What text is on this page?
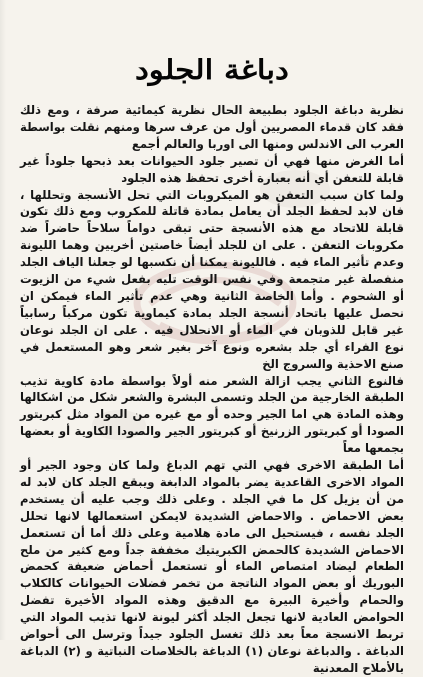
دباغة الجلود

نظرية دباغة الجلود بطبيعة الحال نظرية كيمائية صرفة ، ومع ذلك فقد كان قدماء المصريين أول من عرف سرها ومنهم نقلت بواسطة العرب الى الاندلس ومنها الى اوربا والعالم أجمع

أما الغرض منها فهي أن تصير جلود الحيوانات بعد ذبحها جلوداً غير قابلة للتعفن أي أنه بعبارة أخرى تحفظ هذه الجلود

ولما كان سبب التعفن هو الميكروبات التي تحل الأنسجة وتحللها ، فان لابد لحفظ الجلد أن يعامل بمادة قاتلة للمكروب ومع ذلك تكون قابلة للاتحاد مع هذه الأنسجة حتى تبقى دواماً سلاحاً حاضراً ضد مكروبات التعفن . على ان للجلد أيضاً خاصتين أخريين وهما الليونة وعدم تأثير الماء فيه . فالليونة يمكنا أن نكسبها لو جعلنا الياف الجلد منفصلة غير متجمعة وفي نفس الوقت تليه بفعل شيء من الزيوت أو الشحوم . وأما الخاصة الثانية وهي عدم تأثير الماء فيمكن ان نحصل عليها باتحاد أنسجة الجلد بمادة كيماوية تكون مركباً رسابياً غير قابل للذوبان في الماء أو الانحلال فيه . على ان الجلد نوعان نوع الفراء أي جلد بشعره ونوع آخر بغير شعر وهو المستعمل في صنع الاحذية والسروج الخ

فالنوع الثاني يجب ازالة الشعر منه أولاً بواسطة مادة كاوية تذيب الطبقة الخارجية من الجلد وتسمى البشرة والشعر شكل من اشكالها وهذه المادة هي اما الجير وحده أو مع غيره من المواد مثل كبريتور الصودا أو كبريتور الزرنيخ أو كبريتور الجير والصودا الكاوية أو بعضها بجمعها معاً

أما الطبقة الاخرى فهي التي تهم الدباغ ولما كان وجود الجير أو المواد الاخرى القاعدية يضر بالمواد الدابغة ويبقع الجلد كان لابد له من أن يزيل كل ما في الجلد . وعلى ذلك وجب عليه أن يستخدم بعض الاحماض . والاحماض الشديدة لايمكن استعمالها لانها تحلل الجلد نفسه ، فيستحيل الى مادة هلامية وعلى ذلك أما أن تستعمل الاحماض الشديدة كالحمض الكبريتيك مخففة جداً ومع كثير من ملح الطعام ليضاد امتصاص الماء أو تستعمل أحماض ضعيفة كحمض البوريك أو بعض المواد الناتجة من تخمر فضلات الحيوانات كالكلاب والحمام وأخيرة البيرة مع الدقيق وهذه المواد الأخيرة تفضل الحوامض العادية لانها تجعل الجلد أكثر ليونة لانها تذيب المواد التي تربط الانسجة معاً بعد ذلك تغسل الجلود جيداً وترسل الى أحواض الدباغة . والدباغة نوعان (١) الدباغة بالخلاصات النباتية و (٢) الدباغة بالأملاح المعدنية
